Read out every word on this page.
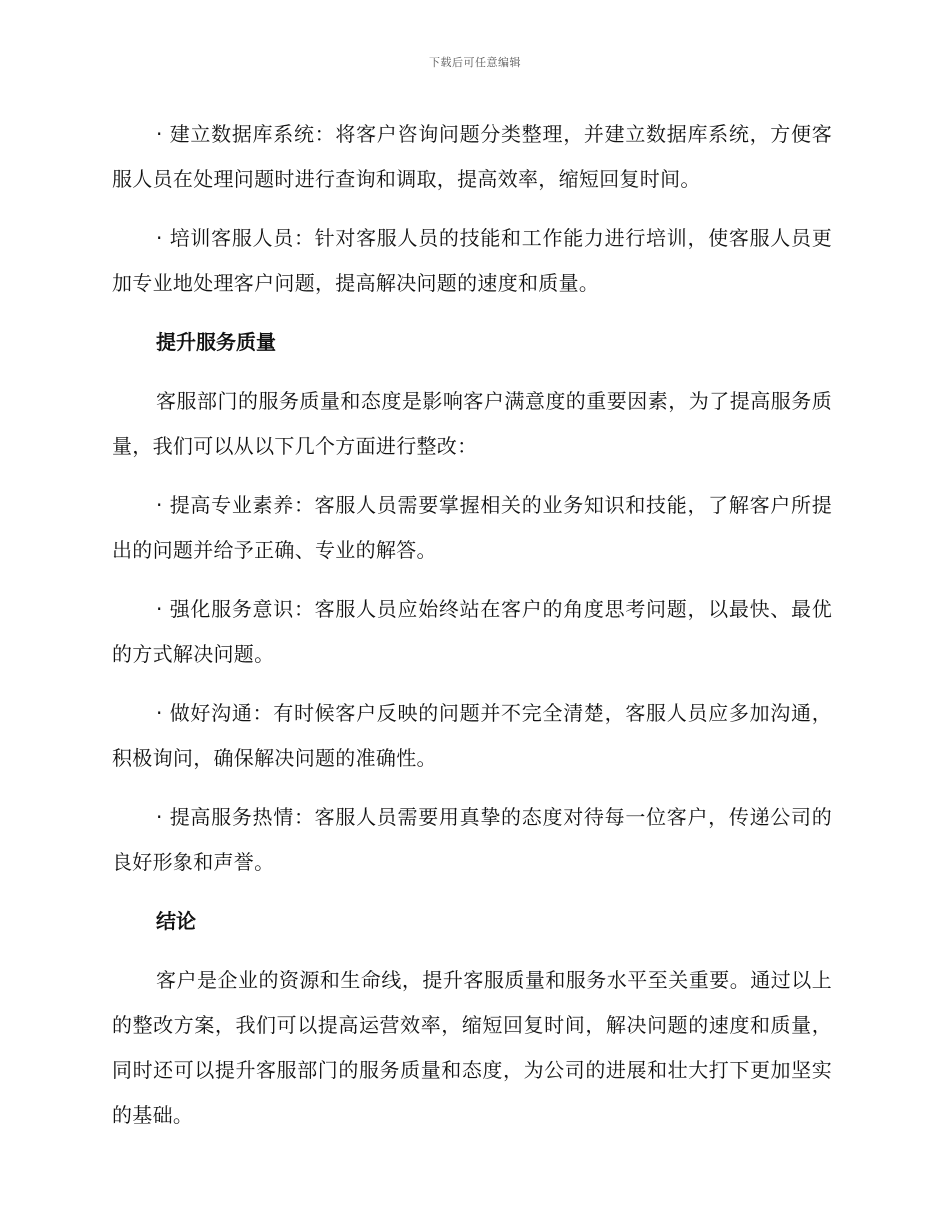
下载后可任意编辑

· 建立数据库系统：将客户咨询问题分类整理，并建立数据库系统，方便客服人员在处理问题时进行查询和调取，提高效率，缩短回复时间。

· 培训客服人员：针对客服人员的技能和工作能力进行培训，使客服人员更加专业地处理客户问题，提高解决问题的速度和质量。

提升服务质量

客服部门的服务质量和态度是影响客户满意度的重要因素，为了提高服务质量，我们可以从以下几个方面进行整改：

· 提高专业素养：客服人员需要掌握相关的业务知识和技能，了解客户所提出的问题并给予正确、专业的解答。

· 强化服务意识：客服人员应始终站在客户的角度思考问题，以最快、最优的方式解决问题。

· 做好沟通：有时候客户反映的问题并不完全清楚，客服人员应多加沟通，积极询问，确保解决问题的准确性。

· 提高服务热情：客服人员需要用真挚的态度对待每一位客户，传递公司的良好形象和声誉。

结论

客户是企业的资源和生命线，提升客服质量和服务水平至关重要。通过以上的整改方案，我们可以提高运营效率，缩短回复时间，解决问题的速度和质量，同时还可以提升客服部门的服务质量和态度，为公司的进展和壮大打下更加坚实的基础。
